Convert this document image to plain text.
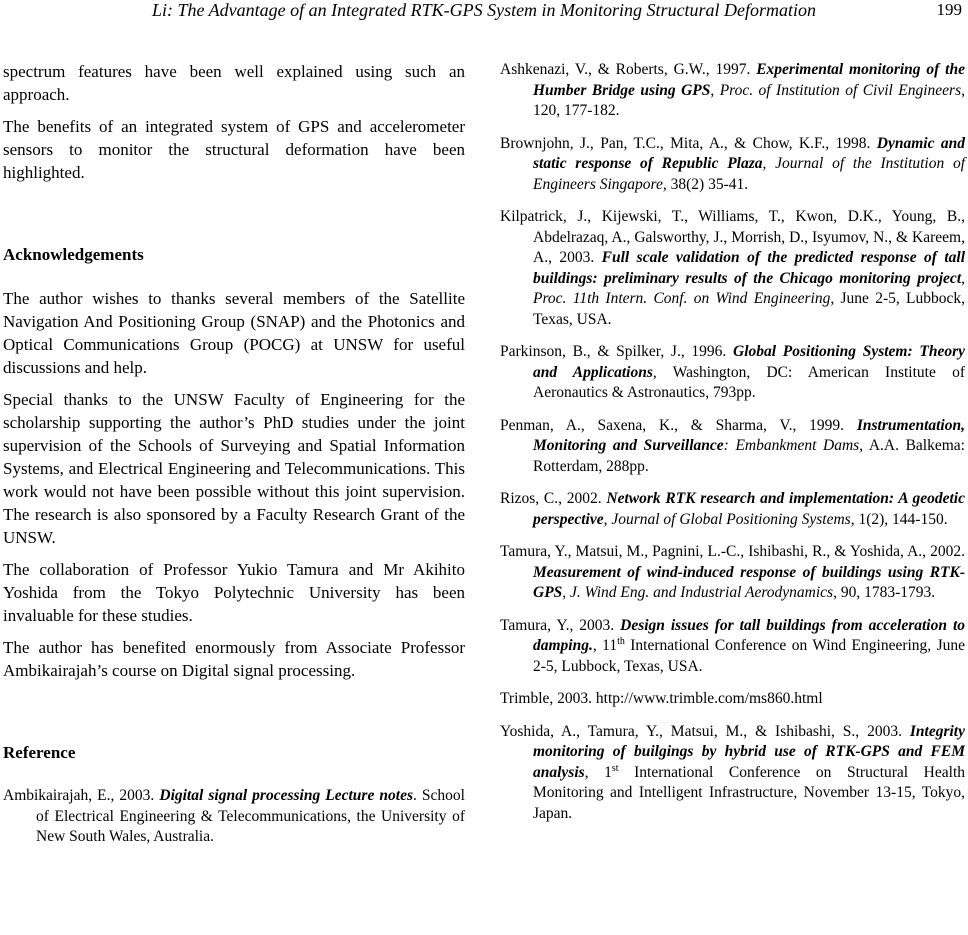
Li: The Advantage of an Integrated RTK-GPS System in Monitoring Structural Deformation	199

spectrum features have been well explained using such an approach.

The benefits of an integrated system of GPS and accelerometer sensors to monitor the structural deformation have been highlighted.

Acknowledgements

The author wishes to thanks several members of the Satellite Navigation And Positioning Group (SNAP) and the Photonics and Optical Communications Group (POCG) at UNSW for useful discussions and help.

Special thanks to the UNSW Faculty of Engineering for the scholarship supporting the author’s PhD studies under the joint supervision of the Schools of Surveying and Spatial Information Systems, and Electrical Engineering and Telecommunications. This work would not have been possible without this joint supervision. The research is also sponsored by a Faculty Research Grant of the UNSW.

The collaboration of Professor Yukio Tamura and Mr Akihito Yoshida from the Tokyo Polytechnic University has been invaluable for these studies.

The author has benefited enormously from Associate Professor Ambikairajah’s course on Digital signal processing.

Reference

Ambikairajah, E., 2003. Digital signal processing Lecture notes. School of Electrical Engineering & Telecommunications, the University of New South Wales, Australia.

Ashkenazi, V., & Roberts, G.W., 1997. Experimental monitoring of the Humber Bridge using GPS, Proc. of Institution of Civil Engineers, 120, 177-182.

Brownjohn, J., Pan, T.C., Mita, A., & Chow, K.F., 1998. Dynamic and static response of Republic Plaza, Journal of the Institution of Engineers Singapore, 38(2) 35-41.

Kilpatrick, J., Kijewski, T., Williams, T., Kwon, D.K., Young, B., Abdelrazaq, A., Galsworthy, J., Morrish, D., Isyumov, N., & Kareem, A., 2003. Full scale validation of the predicted response of tall buildings: preliminary results of the Chicago monitoring project, Proc. 11th Intern. Conf. on Wind Engineering, June 2-5, Lubbock, Texas, USA.

Parkinson, B., & Spilker, J., 1996. Global Positioning System: Theory and Applications, Washington, DC: American Institute of Aeronautics & Astronautics, 793pp.

Penman, A., Saxena, K., & Sharma, V., 1999. Instrumentation, Monitoring and Surveillance: Embankment Dams, A.A. Balkema: Rotterdam, 288pp.

Rizos, C., 2002. Network RTK research and implementation: A geodetic perspective, Journal of Global Positioning Systems, 1(2), 144-150.

Tamura, Y., Matsui, M., Pagnini, L.-C., Ishibashi, R., & Yoshida, A., 2002. Measurement of wind-induced response of buildings using RTK-GPS, J. Wind Eng. and Industrial Aerodynamics, 90, 1783-1793.

Tamura, Y., 2003. Design issues for tall buildings from acceleration to damping., 11th International Conference on Wind Engineering, June 2-5, Lubbock, Texas, USA.

Trimble, 2003. http://www.trimble.com/ms860.html

Yoshida, A., Tamura, Y., Matsui, M., & Ishibashi, S., 2003. Integrity monitoring of builgings by hybrid use of RTK-GPS and FEM analysis, 1st International Conference on Structural Health Monitoring and Intelligent Infrastructure, November 13-15, Tokyo, Japan.
